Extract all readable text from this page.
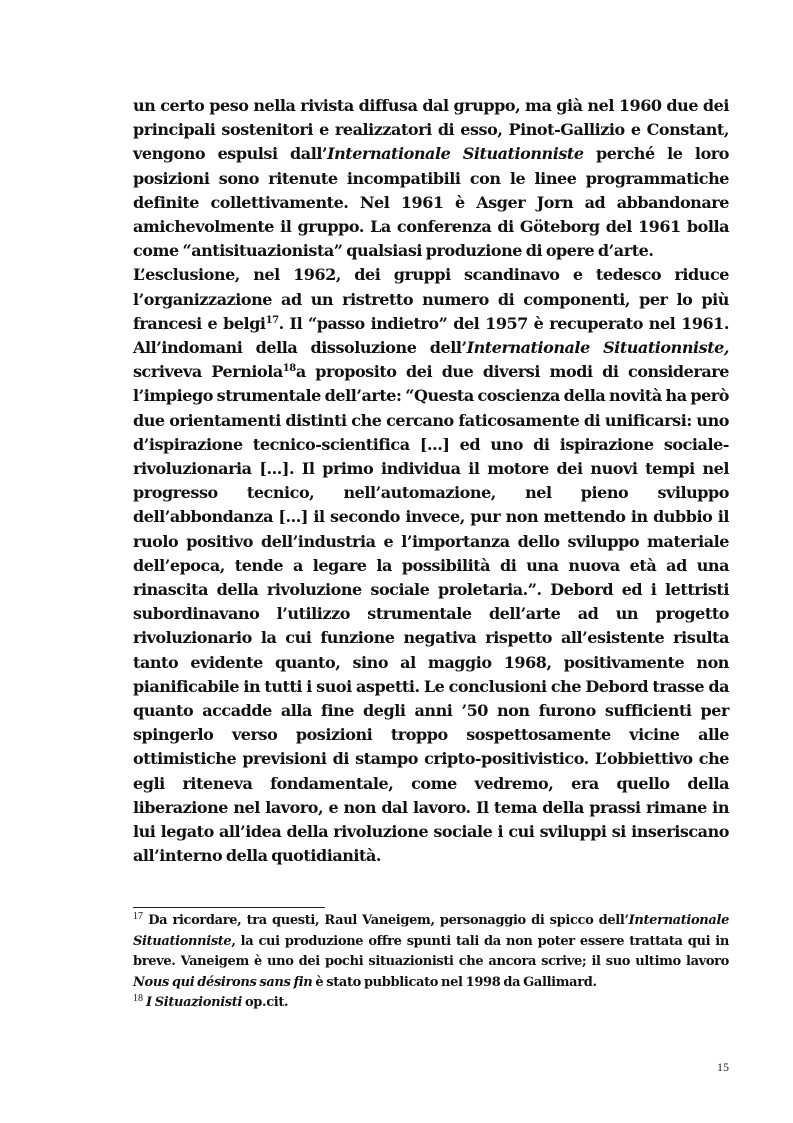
un certo peso nella rivista diffusa dal gruppo, ma già nel 1960 due dei principali sostenitori e realizzatori di esso, Pinot-Gallizio e Constant, vengono espulsi dall’Internationale Situationniste perché le loro posizioni sono ritenute incompatibili con le linee programmatiche definite collettivamente. Nel 1961 è Asger Jorn ad abbandonare amichevolmente il gruppo. La conferenza di Göteborg del 1961 bolla come “antisituazionista” qualsiasi produzione di opere d’arte.

L’esclusione, nel 1962, dei gruppi scandinavo e tedesco riduce l’organizzazione ad un ristretto numero di componenti, per lo più francesi e belgi$^{17}$. Il “passo indietro” del 1957 è recuperato nel 1961. All’indomani della dissoluzione dell’Internationale Situationniste, scriveva Perniola$^{18}$a proposito dei due diversi modi di considerare l’impiego strumentale dell’arte: “Questa coscienza della novità ha però due orientamenti distinti che cercano faticosamente di unificarsi: uno d’ispirazione tecnico-scientifica [...] ed uno di ispirazione sociale-rivoluzionaria [...]. Il primo individua il motore dei nuovi tempi nel progresso tecnico, nell’automazione, nel pieno sviluppo dell’abbondanza [...] il secondo invece, pur non mettendo in dubbio il ruolo positivo dell’industria e l’importanza dello sviluppo materiale dell’epoca, tende a legare la possibilità di una nuova età ad una rinascita della rivoluzione sociale proletaria.”. Debord ed i lettristi subordinavano l’utilizzo strumentale dell’arte ad un progetto rivoluzionario la cui funzione negativa rispetto all’esistente risulta tanto evidente quanto, sino al maggio 1968, positivamente non pianificabile in tutti i suoi aspetti. Le conclusioni che Debord trasse da quanto accadde alla fine degli anni ’50 non furono sufficienti per spingerlo verso posizioni troppo sospettosamente vicine alle ottimistiche previsioni di stampo cripto-positivistico. L’obbiettivo che egli riteneva fondamentale, come vedremo, era quello della liberazione nel lavoro, e non dal lavoro. Il tema della prassi rimane in lui legato all’idea della rivoluzione sociale i cui sviluppi si inseriscano all’interno della quotidianità.

$^{17}$ Da ricordare, tra questi, Raul Vaneigem, personaggio di spicco dell’Internationale Situationniste, la cui produzione offre spunti tali da non poter essere trattata qui in breve. Vaneigem è uno dei pochi situazionisti che ancora scrive; il suo ultimo lavoro Nous qui désirons sans fin è stato pubblicato nel 1998 da Gallimard.

$^{18}$ I Situazionisti op.cit.

15
